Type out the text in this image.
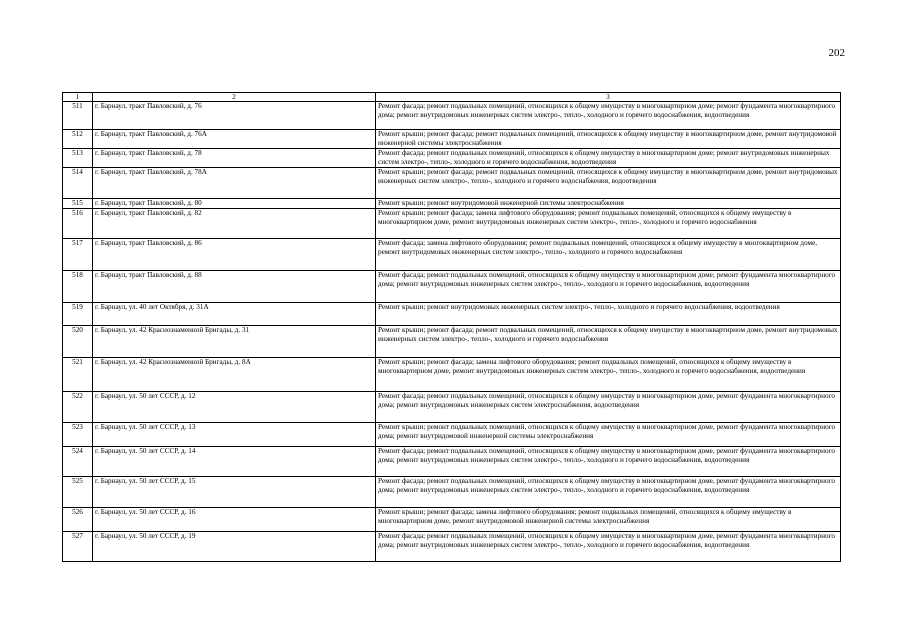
202
1	2	3
511	г. Барнаул, тракт Павловский, д. 76	Ремонт фасада; ремонт подвальных помещений, относящихся к общему имуществу в многоквартирном доме; ремонт фундамента многоквартирного дома; ремонт внутридомовых инженерных систем электро-, тепло-, холодного и горячего водоснабжения, водоотведения
512	г. Барнаул, тракт Павловский, д. 76А	Ремонт крыши; ремонт фасада; ремонт подвальных помещений, относящихся к общему имуществу в многоквартирном доме, ремонт внутридомовой инженерной системы электроснабжения
513	г. Барнаул, тракт Павловский, д. 78	Ремонт фасада; ремонт подвальных помещений, относящихся к общему имуществу в многоквартирном доме; ремонт внутридомовых инженерных систем электро-, тепло-, холодного и горячего водоснабжения, водоотведения
514	г. Барнаул, тракт Павловский, д. 78А	Ремонт крыши; ремонт фасада; ремонт подвальных помещений, относящихся к общему имуществу в многоквартирном доме, ремонт внутридомовых инженерных систем электро-, тепло-, холодного и горячего водоснабжения, водоотведения
515	г. Барнаул, тракт Павловский, д. 80	Ремонт крыши; ремонт внутридомовой инженерной системы электроснабжения
516	г. Барнаул, тракт Павловский, д. 82	Ремонт крыши; ремонт фасада; замена лифтового оборудования; ремонт подвальных помещений, относящихся к общему имуществу в многоквартирном доме, ремонт внутридомовых инженерных систем электро-, тепло-, холодного и горячего водоснабжения
517	г. Барнаул, тракт Павловский, д. 86	Ремонт фасада; замена лифтового оборудования; ремонт подвальных помещений, относящихся к общему имуществу в многоквартирном доме, ремонт внутридомовых инженерных систем электро-, тепло-, холодного и горячего водоснабжения
518	г. Барнаул, тракт Павловский, д. 88	Ремонт фасада; ремонт подвальных помещений, относящихся к общему имуществу в многоквартирном доме; ремонт фундамента многоквартирного дома; ремонт внутридомовых инженерных систем электро-, тепло-, холодного и горячего водоснабжения, водоотведения
519	г. Барнаул, ул. 40 лет Октября, д. 31А	Ремонт крыши; ремонт внутридомовых инженерных систем электро-, тепло-, холодного и горячего водоснабжения, водоотведения
520	г. Барнаул, ул. 42 Краснознаменной Бригады, д. 31	Ремонт крыши; ремонт фасада; ремонт подвальных помещений, относящихся к общему имуществу в многоквартирном доме, ремонт внутридомовых инженерных систем электро-, тепло-, холодного и горячего водоснабжения
521	г. Барнаул, ул. 42 Краснознаменной Бригады, д. 8А	Ремонт крыши; ремонт фасада; замена лифтового оборудования; ремонт подвальных помещений, относящихся к общему имуществу в многоквартирном доме, ремонт внутридомовых инженерных систем электро-, тепло-, холодного и горячего водоснабжения, водоотведения
522	г. Барнаул, ул. 50 лет СССР, д. 12	Ремонт фасада; ремонт подвальных помещений, относящихся к общему имуществу в многоквартирном доме, ремонт фундамента многоквартирного дома; ремонт внутридомовых инженерных систем электроснабжения, водоотведения
523	г. Барнаул, ул. 50 лет СССР, д. 13	Ремонт крыши; ремонт подвальных помещений, относящихся к общему имуществу в многоквартирном доме, ремонт фундамента многоквартирного дома; ремонт внутридомовой инженерной системы электроснабжения
524	г. Барнаул, ул. 50 лет СССР, д. 14	Ремонт фасада; ремонт подвальных помещений, относящихся к общему имуществу в многоквартирном доме, ремонт фундамента многоквартирного дома; ремонт внутридомовых инженерных систем электро-, тепло-, холодного и горячего водоснабжения, водоотведения
525	г. Барнаул, ул. 50 лет СССР, д. 15	Ремонт фасада; ремонт подвальных помещений, относящихся к общему имуществу в многоквартирном доме, ремонт фундамента многоквартирного дома; ремонт внутридомовых инженерных систем электро-, тепло-, холодного и горячего водоснабжения, водоотведения
526	г. Барнаул, ул. 50 лет СССР, д. 16	Ремонт крыши; ремонт фасада; замена лифтового оборудования; ремонт подвальных помещений, относящихся к общему имуществу в многоквартирном доме, ремонт внутридомовой инженерной системы электроснабжения
527	г. Барнаул, ул. 50 лет СССР, д. 19	Ремонт фасада; ремонт подвальных помещений, относящихся к общему имуществу в многоквартирном доме, ремонт фундамента многоквартирного дома; ремонт внутридомовых инженерных систем электро-, тепло-, холодного и горячего водоснабжения, водоотведения
